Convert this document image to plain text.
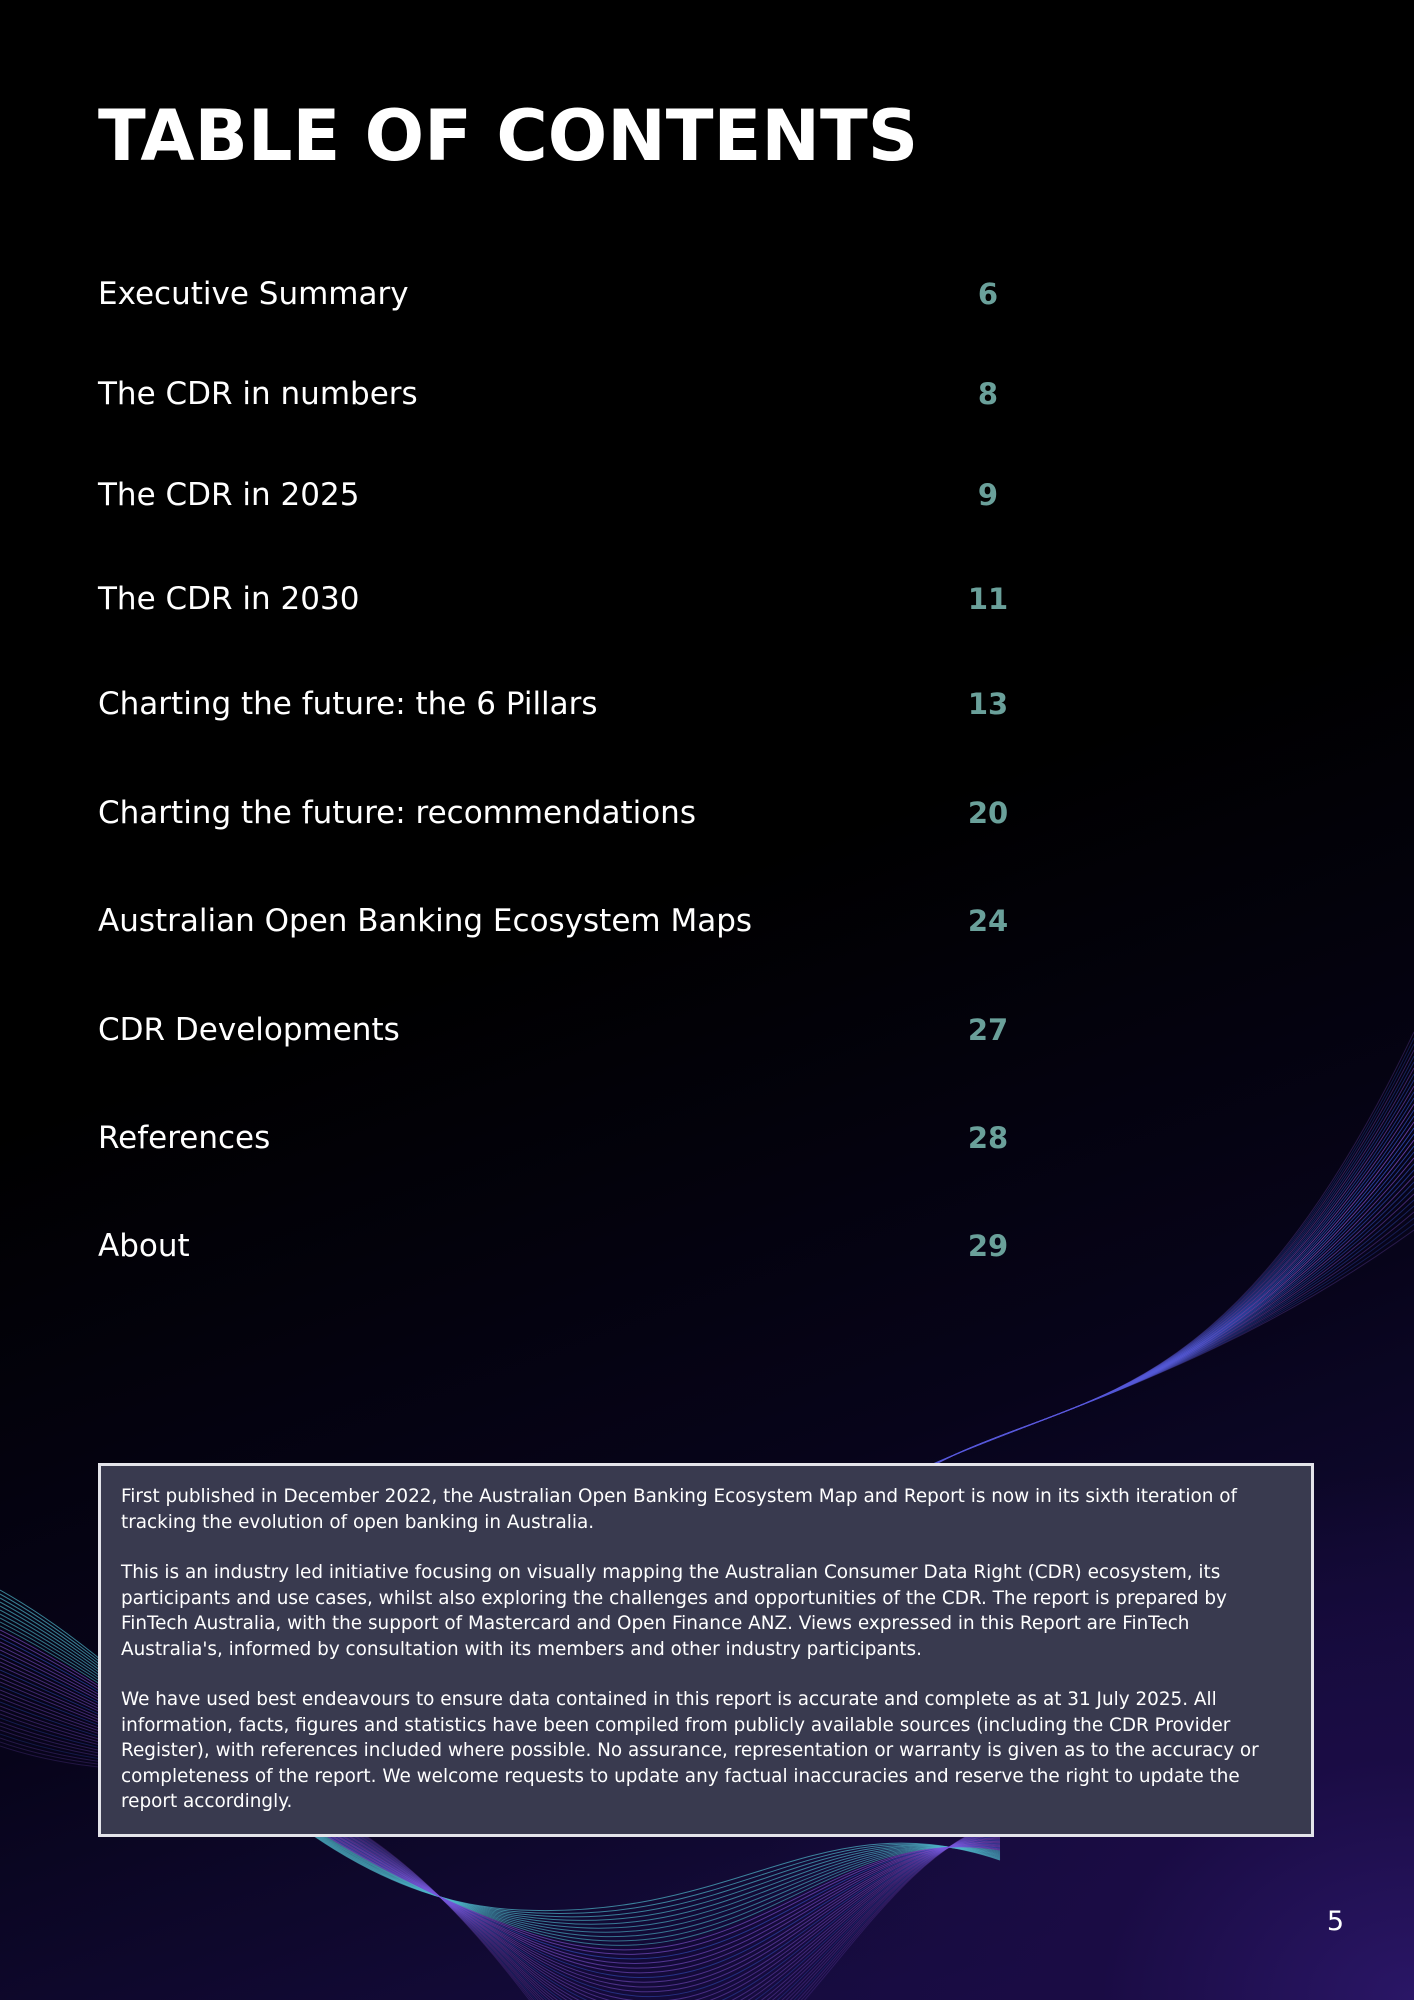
TABLE OF CONTENTS
Executive Summary	6
The CDR in numbers	8
The CDR in 2025	9
The CDR in 2030	11
Charting the future: the 6 Pillars	13
Charting the future: recommendations	20
Australian Open Banking Ecosystem Maps	24
CDR Developments	27
References	28
About	29

First published in December 2022, the Australian Open Banking Ecosystem Map and Report is now in its sixth iteration of tracking the evolution of open banking in Australia.

This is an industry led initiative focusing on visually mapping the Australian Consumer Data Right (CDR) ecosystem, its participants and use cases, whilst also exploring the challenges and opportunities of the CDR. The report is prepared by FinTech Australia, with the support of Mastercard and Open Finance ANZ. Views expressed in this Report are FinTech Australia's, informed by consultation with its members and other industry participants.

We have used best endeavours to ensure data contained in this report is accurate and complete as at 31 July 2025. All information, facts, figures and statistics have been compiled from publicly available sources (including the CDR Provider Register), with references included where possible. No assurance, representation or warranty is given as to the accuracy or completeness of the report. We welcome requests to update any factual inaccuracies and reserve the right to update the report accordingly.

5
